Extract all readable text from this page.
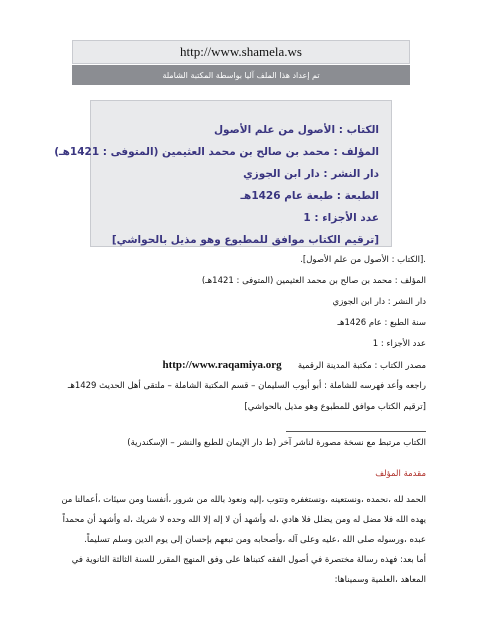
http://www.shamela.ws
تم إعداد هذا الملف آليا بواسطة المكتبة الشاملة
الكتاب : الأصول من علم الأصول
المؤلف : محمد بن صالح بن محمد العثيمين (المتوفى : 1421هـ)
دار النشر : دار ابن الجوزي
الطبعة : طبعة عام 1426هـ
عدد الأجزاء : 1
[ترقيم الكتاب موافق للمطبوع وهو مذيل بالحواشي]
.[الكتاب : الأصول من علم الأصول].
المؤلف : محمد بن صالح بن محمد العثيمين (المتوفى : 1421هـ)
دار النشر : دار ابن الجوزي
سنة الطبع : عام 1426هـ
عدد الأجزاء : 1
مصدر الكتاب : مكتبة المدينة الرقمية      http://www.raqamiya.org
راجعه وأعد فهرسه للشاملة : أبو أيوب السليمان – قسم المكتبة الشاملة – ملتقى أهل الحديث 1429هـ
[ترقيم الكتاب موافق للمطبوع وهو مذيل بالحواشي]
الكتاب مرتبط مع نسخة مصورة لناشر آخر (ط دار الإيمان للطبع والنشر – الإسكندرية)
مقدمة المؤلف
الحمد لله ،نحمده ،ونستعينه ،ونستغفره ونتوب ،إليه ونعوذ بالله من شرور ،أنفسنا ومن سيئات ،أعمالنا من يهده الله فلا مضل له ومن يضلل فلا هادي ،له وأشهد أن لا إله إلا الله وحده لا شريك ،له وأشهد أن محمداً عبده ،ورسوله صلى الله ،عليه وعلى آله ،وأصحابه ومن تبعهم بإحسان إلى يوم الدين وسلم تسليماً.
أما بعد: فهذه رسالة مختصرة في أصول الفقه كتبناها على وفق المنهج المقرر للسنة الثالثة الثانوية في المعاهد ،العلمية وسميناها:
